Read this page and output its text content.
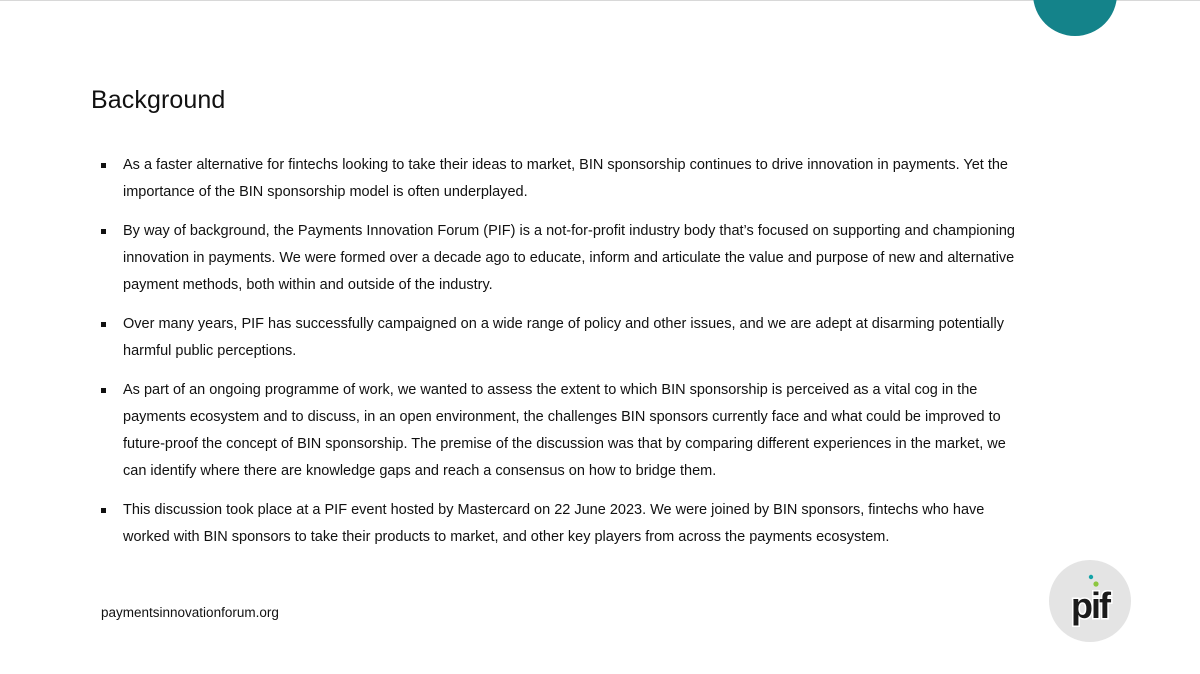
Background
As a faster alternative for fintechs looking to take their ideas to market, BIN sponsorship continues to drive innovation in payments. Yet the importance of the BIN sponsorship model is often underplayed.
By way of background, the Payments Innovation Forum (PIF) is a not-for-profit industry body that’s focused on supporting and championing innovation in payments. We were formed over a decade ago to educate, inform and articulate the value and purpose of new and alternative payment methods, both within and outside of the industry.
Over many years, PIF has successfully campaigned on a wide range of policy and other issues, and we are adept at disarming potentially harmful public perceptions.
As part of an ongoing programme of work, we wanted to assess the extent to which BIN sponsorship is perceived as a vital cog in the payments ecosystem and to discuss, in an open environment, the challenges BIN sponsors currently face and what could be improved to future-proof the concept of BIN sponsorship. The premise of the discussion was that by comparing different experiences in the market, we can identify where there are knowledge gaps and reach a consensus on how to bridge them.
This discussion took place at a PIF event hosted by Mastercard on 22 June 2023. We were joined by BIN sponsors, fintechs who have worked with BIN sponsors to take their products to market, and other key players from across the payments ecosystem.
paymentsinnovationforum.org	pif
